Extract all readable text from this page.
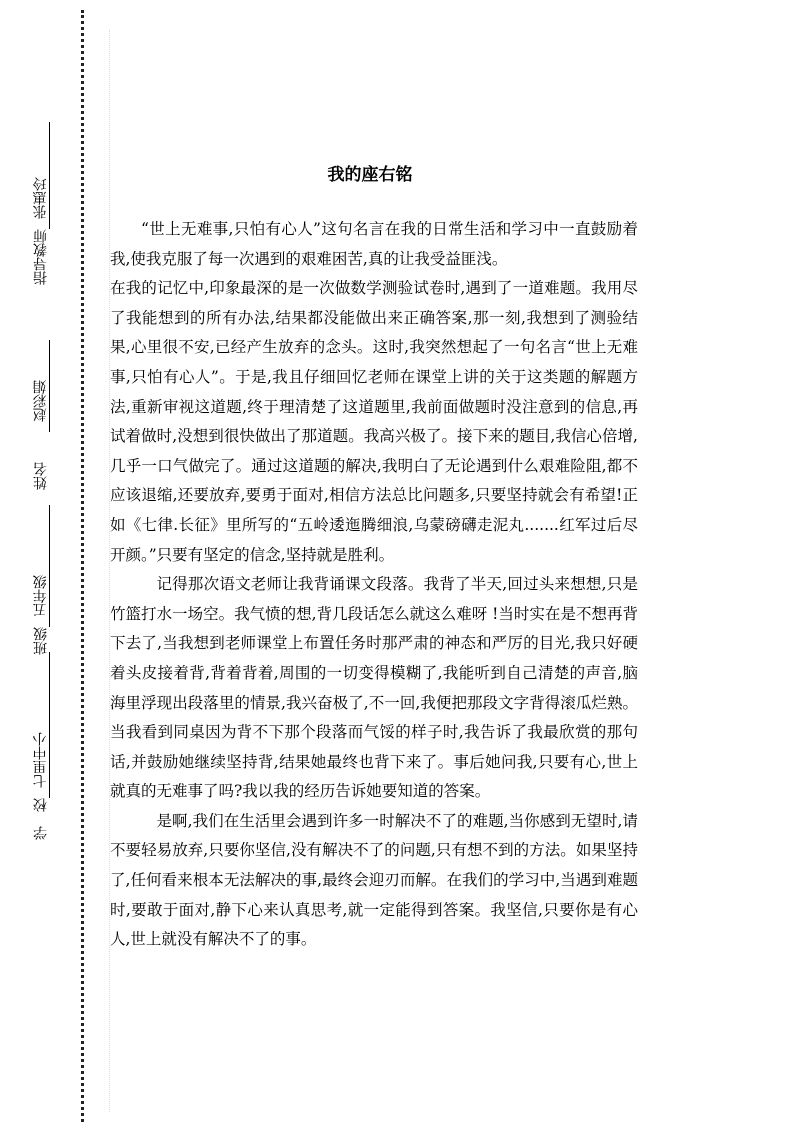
指导教师
张惠玲
姓名
赵彩娟
班级
五年级
学　校
七里中小
我的座右铭

“世上无难事,只怕有心人”这句名言在我的日常生活和学习中一直鼓励着我,使我克服了每一次遇到的艰难困苦,真的让我受益匪浅。

在我的记忆中,印象最深的是一次做数学测验试卷时,遇到了一道难题。我用尽了我能想到的所有办法,结果都没能做出来正确答案,那一刻,我想到了测验结果,心里很不安,已经产生放弃的念头。这时,我突然想起了一句名言“世上无难事,只怕有心人”。于是,我且仔细回忆老师在课堂上讲的关于这类题的解题方法,重新审视这道题,终于理清楚了这道题里,我前面做题时没注意到的信息,再试着做时,没想到很快做出了那道题。我高兴极了。接下来的题目,我信心倍增,几乎一口气做完了。通过这道题的解决,我明白了无论遇到什么艰难险阻,都不应该退缩,还要放弃,要勇于面对,相信方法总比问题多,只要坚持就会有希望!正如《七律.长征》里所写的“五岭逶迤腾细浪,乌蒙磅礴走泥丸.......红军过后尽开颜。”只要有坚定的信念,坚持就是胜利。

记得那次语文老师让我背诵课文段落。我背了半天,回过头来想想,只是竹篮打水一场空。我气愤的想,背几段话怎么就这么难呀 !当时实在是不想再背下去了,当我想到老师课堂上布置任务时那严肃的神态和严厉的目光,我只好硬着头皮接着背,背着背着,周围的一切变得模糊了,我能听到自己清楚的声音,脑海里浮现出段落里的情景,我兴奋极了,不一回,我便把那段文字背得滚瓜烂熟。当我看到同桌因为背不下那个段落而气馁的样子时,我告诉了我最欣赏的那句话,并鼓励她继续坚持背,结果她最终也背下来了。事后她问我,只要有心,世上就真的无难事了吗?我以我的经历告诉她要知道的答案。

是啊,我们在生活里会遇到许多一时解决不了的难题,当你感到无望时,请不要轻易放弃,只要你坚信,没有解决不了的问题,只有想不到的方法。如果坚持了,任何看来根本无法解决的事,最终会迎刃而解。在我们的学习中,当遇到难题时,要敢于面对,静下心来认真思考,就一定能得到答案。我坚信,只要你是有心人,世上就没有解决不了的事。
